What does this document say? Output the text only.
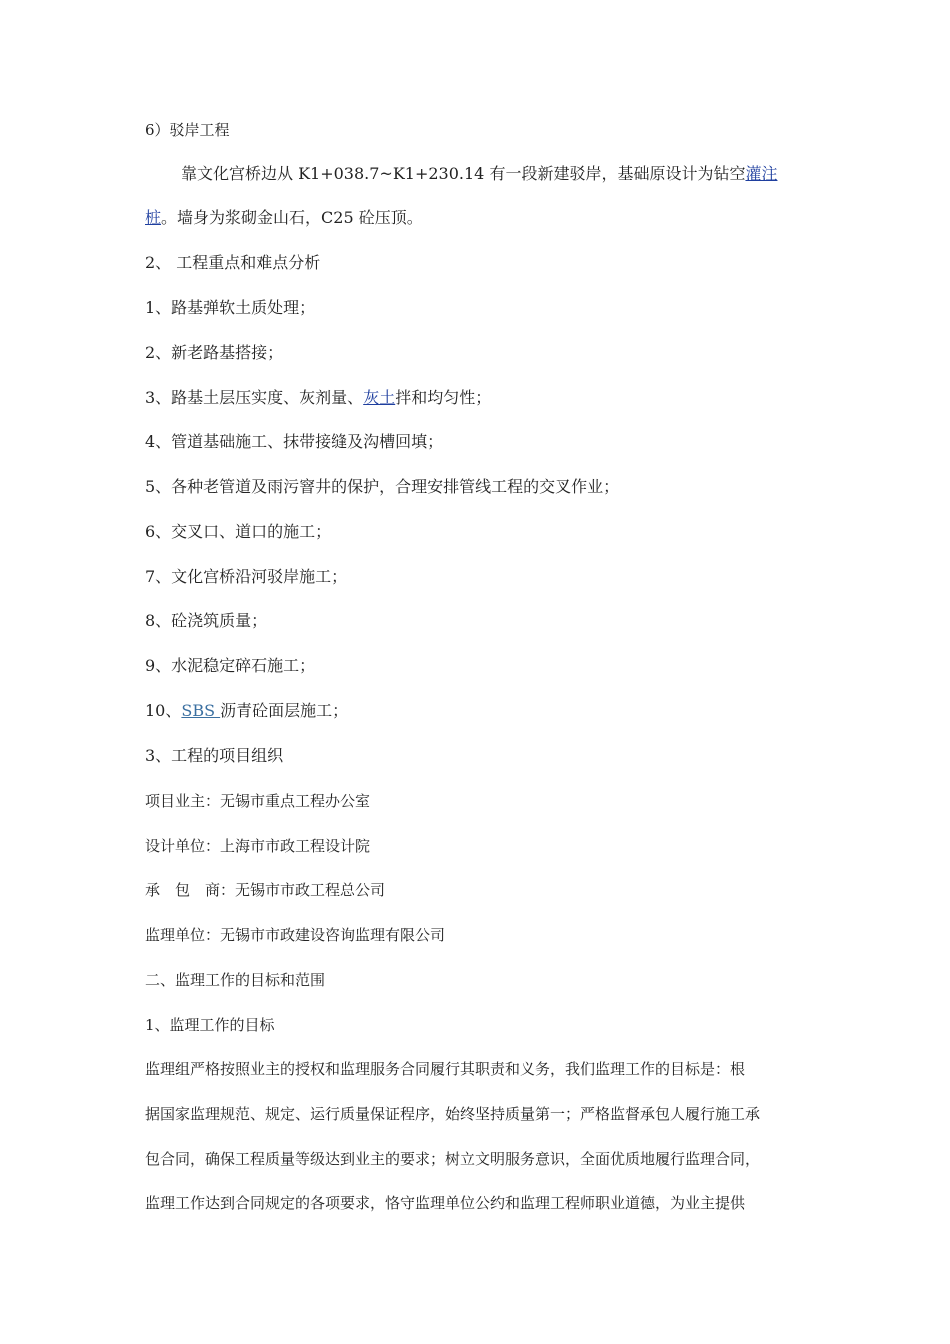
6）驳岸工程
靠文化宫桥边从 K1+038.7~K1+230.14 有一段新建驳岸，基础原设计为钻空灌注
桩。墙身为浆砌金山石，C25 砼压顶。
2、 工程重点和难点分析
1、路基弹软土质处理；
2、新老路基搭接；
3、路基土层压实度、灰剂量、灰土拌和均匀性；
4、管道基础施工、抹带接缝及沟槽回填；
5、各种老管道及雨污窨井的保护，合理安排管线工程的交叉作业；
6、交叉口、道口的施工；
7、文化宫桥沿河驳岸施工；
8、砼浇筑质量；
9、水泥稳定碎石施工；
10、SBS 沥青砼面层施工；
3、工程的项目组织
项目业主：无锡市重点工程办公室
设计单位：上海市市政工程设计院
承　包　商：无锡市市政工程总公司
监理单位：无锡市市政建设咨询监理有限公司
二、监理工作的目标和范围
1、监理工作的目标
监理组严格按照业主的授权和监理服务合同履行其职责和义务，我们监理工作的目标是：根
据国家监理规范、规定、运行质量保证程序，始终坚持质量第一；严格监督承包人履行施工承
包合同，确保工程质量等级达到业主的要求；树立文明服务意识，全面优质地履行监理合同，
监理工作达到合同规定的各项要求，恪守监理单位公约和监理工程师职业道德，为业主提供
